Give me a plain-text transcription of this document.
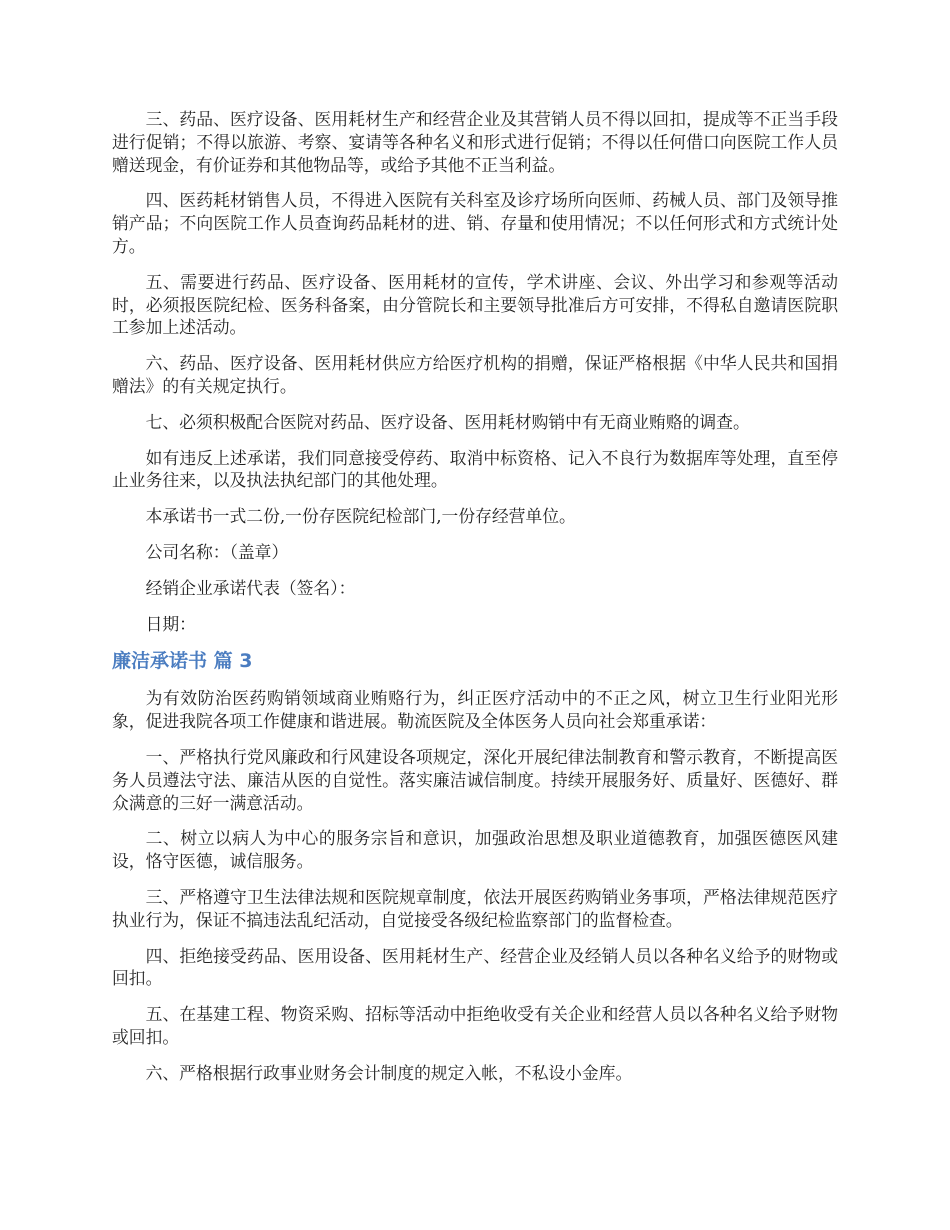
三、药品、医疗设备、医用耗材生产和经营企业及其营销人员不得以回扣，提成等不正当手段进行促销；不得以旅游、考察、宴请等各种名义和形式进行促销；不得以任何借口向医院工作人员赠送现金，有价证券和其他物品等，或给予其他不正当利益。

四、医药耗材销售人员，不得进入医院有关科室及诊疗场所向医师、药械人员、部门及领导推销产品；不向医院工作人员查询药品耗材的进、销、存量和使用情况；不以任何形式和方式统计处方。

五、需要进行药品、医疗设备、医用耗材的宣传，学术讲座、会议、外出学习和参观等活动时，必须报医院纪检、医务科备案，由分管院长和主要领导批准后方可安排，不得私自邀请医院职工参加上述活动。

六、药品、医疗设备、医用耗材供应方给医疗机构的捐赠，保证严格根据《中华人民共和国捐赠法》的有关规定执行。

七、必须积极配合医院对药品、医疗设备、医用耗材购销中有无商业贿赂的调查。

如有违反上述承诺，我们同意接受停药、取消中标资格、记入不良行为数据库等处理，直至停止业务往来，以及执法执纪部门的其他处理。

本承诺书一式二份,一份存医院纪检部门,一份存经营单位。

公司名称：（盖章）

经销企业承诺代表（签名）：

日期：

廉洁承诺书 篇 3

为有效防治医药购销领域商业贿赂行为，纠正医疗活动中的不正之风，树立卫生行业阳光形象，促进我院各项工作健康和谐进展。勒流医院及全体医务人员向社会郑重承诺：

一、严格执行党风廉政和行风建设各项规定，深化开展纪律法制教育和警示教育，不断提高医务人员遵法守法、廉洁从医的自觉性。落实廉洁诚信制度。持续开展服务好、质量好、医德好、群众满意的三好一满意活动。

二、树立以病人为中心的服务宗旨和意识，加强政治思想及职业道德教育，加强医德医风建设，恪守医德，诚信服务。

三、严格遵守卫生法律法规和医院规章制度，依法开展医药购销业务事项，严格法律规范医疗执业行为，保证不搞违法乱纪活动，自觉接受各级纪检监察部门的监督检查。

四、拒绝接受药品、医用设备、医用耗材生产、经营企业及经销人员以各种名义给予的财物或回扣。

五、在基建工程、物资采购、招标等活动中拒绝收受有关企业和经营人员以各种名义给予财物或回扣。

六、严格根据行政事业财务会计制度的规定入帐，不私设小金库。
